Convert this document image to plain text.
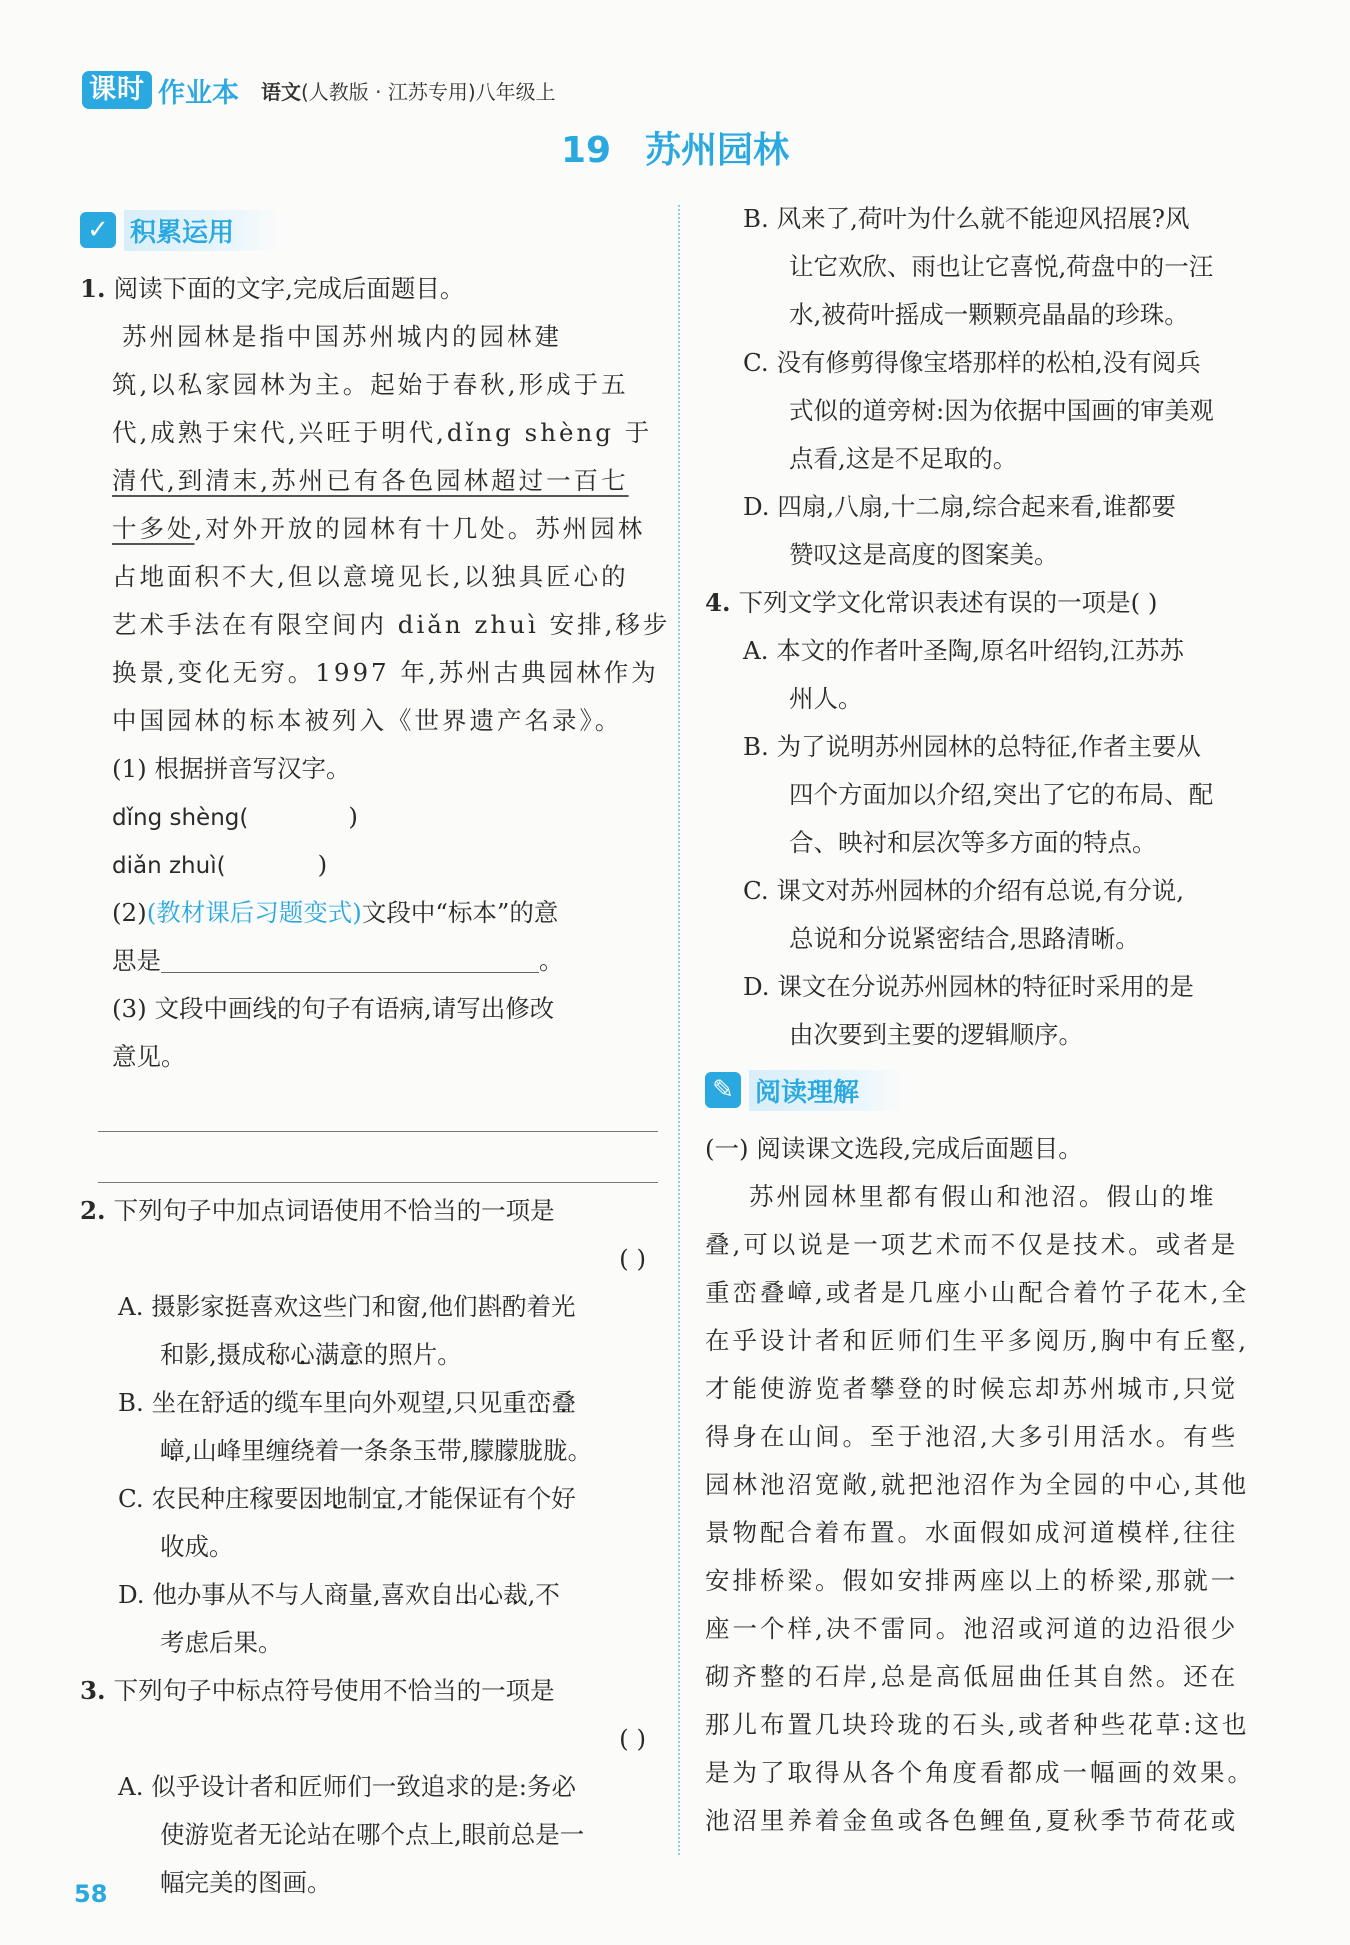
课时 作业本 语文(人教版 · 江苏专用)八年级上
19 苏州园林
✓ 积累运用
1. 阅读下面的文字,完成后面题目。
苏州园林是指中国苏州城内的园林建
筑,以私家园林为主。起始于春秋,形成于五
代,成熟于宋代,兴旺于明代,dǐng shèng 于
清代,到清末,苏州已有各色园林超过一百七
十多处,对外开放的园林有十几处。苏州园林
占地面积不大,但以意境见长,以独具匠心的
艺术手法在有限空间内 diǎn zhuì 安排,移步
换景,变化无穷。1997 年,苏州古典园林作为
中国园林的标本被列入《世界遗产名录》。
(1) 根据拼音写汉字。
dǐng shèng(	)
diǎn zhuì(	)
(2)(教材课后习题变式)文段中“标本”的意
思是	。
(3) 文段中画线的句子有语病,请写出修改
意见。
2. 下列句子中加点词语使用不恰当的一项是
( )
A. 摄影家挺喜欢这些门和窗,他们斟酌着光
和影,摄成称心满意的照片。
B. 坐在舒适的缆车里向外观望,只见重峦叠
嶂,山峰里缠绕着一条条玉带,朦朦胧胧。
C. 农民种庄稼要因地制宜,才能保证有个好
收成。
D. 他办事从不与人商量,喜欢自出心裁,不
考虑后果。
3. 下列句子中标点符号使用不恰当的一项是
( )
A. 似乎设计者和匠师们一致追求的是:务必
使游览者无论站在哪个点上,眼前总是一
幅完美的图画。
B. 风来了,荷叶为什么就不能迎风招展?风
让它欢欣、雨也让它喜悦,荷盘中的一汪
水,被荷叶摇成一颗颗亮晶晶的珍珠。
C. 没有修剪得像宝塔那样的松柏,没有阅兵
式似的道旁树:因为依据中国画的审美观
点看,这是不足取的。
D. 四扇,八扇,十二扇,综合起来看,谁都要
赞叹这是高度的图案美。
4. 下列文学文化常识表述有误的一项是( )
A. 本文的作者叶圣陶,原名叶绍钧,江苏苏
州人。
B. 为了说明苏州园林的总特征,作者主要从
四个方面加以介绍,突出了它的布局、配
合、映衬和层次等多方面的特点。
C. 课文对苏州园林的介绍有总说,有分说,
总说和分说紧密结合,思路清晰。
D. 课文在分说苏州园林的特征时采用的是
由次要到主要的逻辑顺序。
✎ 阅读理解
(一) 阅读课文选段,完成后面题目。
苏州园林里都有假山和池沼。假山的堆
叠,可以说是一项艺术而不仅是技术。或者是
重峦叠嶂,或者是几座小山配合着竹子花木,全
在乎设计者和匠师们生平多阅历,胸中有丘壑,
才能使游览者攀登的时候忘却苏州城市,只觉
得身在山间。至于池沼,大多引用活水。有些
园林池沼宽敞,就把池沼作为全园的中心,其他
景物配合着布置。水面假如成河道模样,往往
安排桥梁。假如安排两座以上的桥梁,那就一
座一个样,决不雷同。池沼或河道的边沿很少
砌齐整的石岸,总是高低屈曲任其自然。还在
那儿布置几块玲珑的石头,或者种些花草:这也
是为了取得从各个角度看都成一幅画的效果。
池沼里养着金鱼或各色鲤鱼,夏秋季节荷花或
58
